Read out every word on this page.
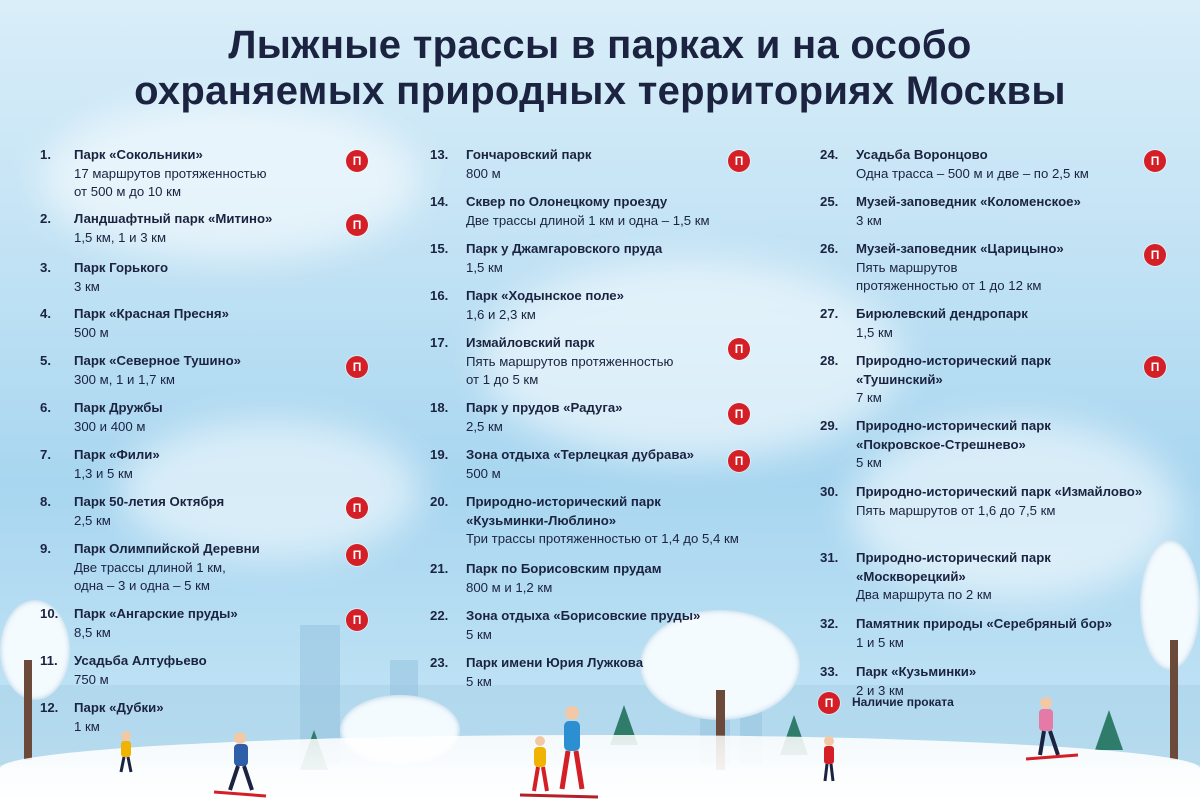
Лыжные трассы в парках и на особо
охраняемых природных территориях Москвы
1. Парк «Сокольники»
17 маршрутов протяженностью
от 500 м до 10 км
П
2. Ландшафтный парк «Митино»
1,5 км, 1 и 3 км
П
3. Парк Горького
3 км
4. Парк «Красная Пресня»
500 м
5. Парк «Северное Тушино»
300 м, 1 и 1,7 км
П
6. Парк Дружбы
300 и 400 м
7. Парк «Фили»
1,3 и 5 км
8. Парк 50-летия Октября
2,5 км
П
9. Парк Олимпийской Деревни
Две трассы длиной 1 км,
одна – 3 и одна – 5 км
П
10. Парк «Ангарские пруды»
8,5 км
П
11. Усадьба Алтуфьево
750 м
12. Парк «Дубки»
1 км
13. Гончаровский парк
800 м
П
14. Сквер по Олонецкому проезду
Две трассы длиной 1 км и одна – 1,5 км
15. Парк у Джамгаровского пруда
1,5 км
16. Парк «Ходынское поле»
1,6 и 2,3 км
17. Измайловский парк
Пять маршрутов протяженностью
от 1 до 5 км
П
18. Парк у прудов «Радуга»
2,5 км
П
19. Зона отдыха «Терлецкая дубрава»
500 м
П
20. Природно-исторический парк
«Кузьминки-Люблино»
Три трассы протяженностью от 1,4 до 5,4 км
21. Парк по Борисовским прудам
800 м и 1,2 км
22. Зона отдыха «Борисовские пруды»
5 км
23. Парк имени Юрия Лужкова
5 км
24. Усадьба Воронцово
Одна трасса – 500 м и две – по 2,5 км
П
25. Музей-заповедник «Коломенское»
3 км
26. Музей-заповедник «Царицыно»
Пять маршрутов
протяженностью от 1 до 12 км
П
27. Бирюлевский дендропарк
1,5 км
28. Природно-исторический парк
«Тушинский»
7 км
П
29. Природно-исторический парк
«Покровское-Стрешнево»
5 км
30. Природно-исторический парк «Измайлово»
Пять маршрутов от 1,6 до 7,5 км
31. Природно-исторический парк
«Москворецкий»
Два маршрута по 2 км
32. Памятник природы «Серебряный бор»
1 и 5 км
33. Парк «Кузьминки»
2 и 3 км
П	Наличие проката
